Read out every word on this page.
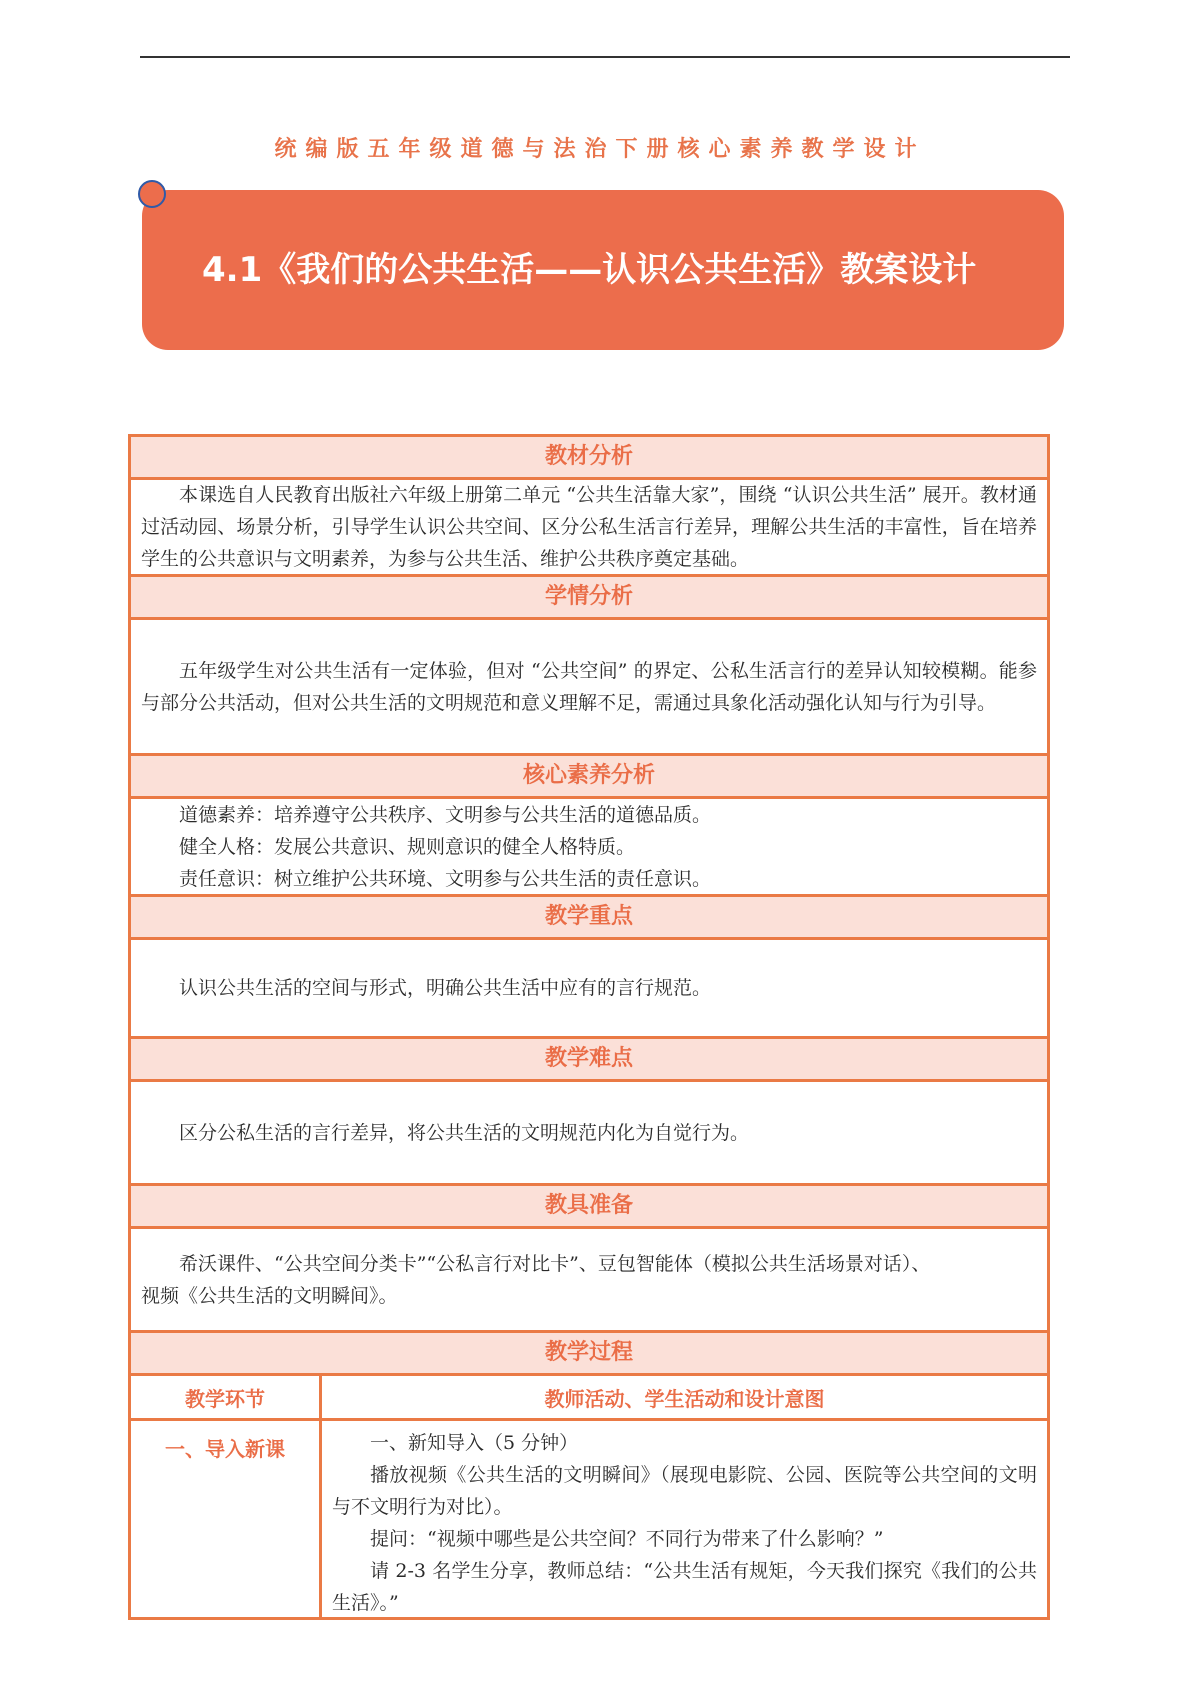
统编版五年级道德与法治下册核心素养教学设计
4.1《我们的公共生活——认识公共生活》教案设计
教材分析

本课选自人民教育出版社六年级上册第二单元 “公共生活靠大家”，围绕 “认识公共生活” 展开。教材通过活动园、场景分析，引导学生认识公共空间、区分公私生活言行差异，理解公共生活的丰富性，旨在培养学生的公共意识与文明素养，为参与公共生活、维护公共秩序奠定基础。

学情分析

五年级学生对公共生活有一定体验，但对 “公共空间” 的界定、公私生活言行的差异认知较模糊。能参与部分公共活动，但对公共生活的文明规范和意义理解不足，需通过具象化活动强化认知与行为引导。

核心素养分析

道德素养：培养遵守公共秩序、文明参与公共生活的道德品质。

健全人格：发展公共意识、规则意识的健全人格特质。

责任意识：树立维护公共环境、文明参与公共生活的责任意识。

教学重点

认识公共生活的空间与形式，明确公共生活中应有的言行规范。

教学难点

区分公私生活的言行差异，将公共生活的文明规范内化为自觉行为。

教具准备

希沃课件、“公共空间分类卡”“公私言行对比卡”、豆包智能体（模拟公共生活场景对话）、

视频《公共生活的文明瞬间》。

教学过程
教学环节	教师活动、学生活动和设计意图
一、导入新课	一、新知导入（5 分钟）

播放视频《公共生活的文明瞬间》（展现电影院、公园、医院等公共空间的文明与不文明行为对比）。

提问：“视频中哪些是公共空间？不同行为带来了什么影响？”

请 2-3 名学生分享，教师总结：“公共生活有规矩，今天我们探究《我们的公共生活》。”
